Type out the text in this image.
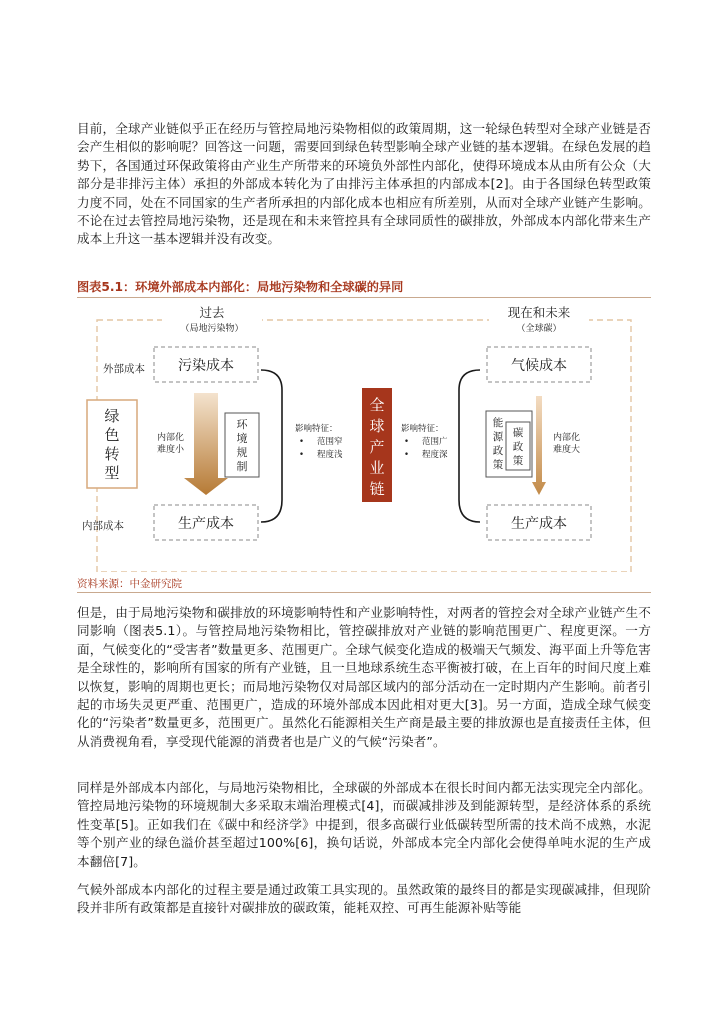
目前，全球产业链似乎正在经历与管控局地污染物相似的政策周期，这一轮绿色转型对全球产业链是否会产生相似的影响呢？回答这一问题，需要回到绿色转型影响全球产业链的基本逻辑。在绿色发展的趋势下，各国通过环保政策将由产业生产所带来的环境负外部性内部化，使得环境成本从由所有公众（大部分是非排污主体）承担的外部成本转化为了由排污主体承担的内部成本[2]。由于各国绿色转型政策力度不同，处在不同国家的生产者所承担的内部化成本也相应有所差别，从而对全球产业链产生影响。不论在过去管控局地污染物，还是现在和未来管控具有全球同质性的碳排放，外部成本内部化带来生产成本上升这一基本逻辑并没有改变。

图表5.1：环境外部成本内部化：局地污染物和全球碳的异同

过去
（局地污染物）
现在和未来
（全球碳）
外部成本
内部成本
绿
色
转
型
污染成本
生产成本
内部化
难度小
环
境
规
制
影响特征：
• 范围窄
• 程度浅
全
球
产
业
链
影响特征：
• 范围广
• 程度深
气候成本
生产成本
能
源
政
策
碳
政
策
内部化
难度大

资料来源：中金研究院

但是，由于局地污染物和碳排放的环境影响特性和产业影响特性，对两者的管控会对全球产业链产生不同影响（图表5.1）。与管控局地污染物相比，管控碳排放对产业链的影响范围更广、程度更深。一方面，气候变化的“受害者”数量更多、范围更广。全球气候变化造成的极端天气频发、海平面上升等危害是全球性的，影响所有国家的所有产业链，且一旦地球系统生态平衡被打破，在上百年的时间尺度上难以恢复，影响的周期也更长；而局地污染物仅对局部区域内的部分活动在一定时期内产生影响。前者引起的市场失灵更严重、范围更广，造成的环境外部成本因此相对更大[3]。另一方面，造成全球气候变化的“污染者”数量更多，范围更广。虽然化石能源相关生产商是最主要的排放源也是直接责任主体，但从消费视角看，享受现代能源的消费者也是广义的气候“污染者”。

同样是外部成本内部化，与局地污染物相比，全球碳的外部成本在很长时间内都无法实现完全内部化。管控局地污染物的环境规制大多采取末端治理模式[4]，而碳减排涉及到能源转型，是经济体系的系统性变革[5]。正如我们在《碳中和经济学》中提到，很多高碳行业低碳转型所需的技术尚不成熟，水泥等个别产业的绿色溢价甚至超过100%[6]，换句话说，外部成本完全内部化会使得单吨水泥的生产成本翻倍[7]。

气候外部成本内部化的过程主要是通过政策工具实现的。虽然政策的最终目的都是实现碳减排，但现阶段并非所有政策都是直接针对碳排放的碳政策，能耗双控、可再生能源补贴等能
